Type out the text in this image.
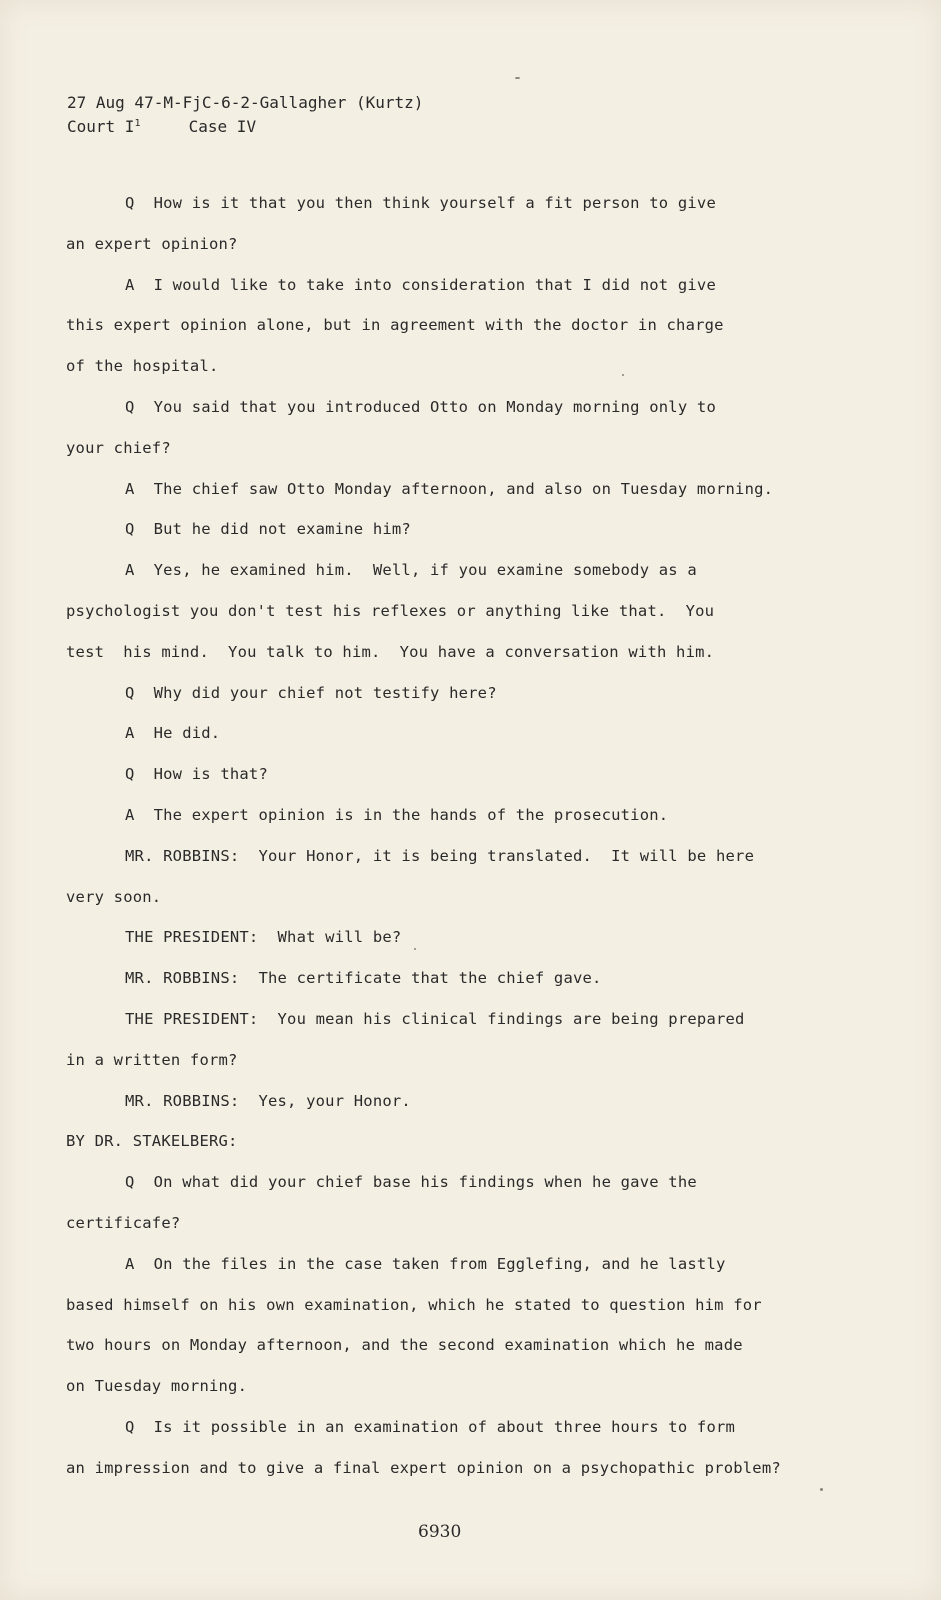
27 Aug 47-M-FjC-6-2-Gallagher (Kurtz)
Court $I^1$	Case IV
Q  How is it that you then think yourself a fit person to give
an expert opinion?
A  I would like to take into consideration that I did not give
this expert opinion alone, but in agreement with the doctor in charge
of the hospital.
Q  You said that you introduced Otto on Monday morning only to
your chief?
A  The chief saw Otto Monday afternoon, and also on Tuesday morning.
Q  But he did not examine him?
A  Yes, he examined him.  Well, if you examine somebody as a
psychologist you don't test his reflexes or anything like that.  You
test  his mind.  You talk to him.  You have a conversation with him.
Q  Why did your chief not testify here?
A  He did.
Q  How is that?
A  The expert opinion is in the hands of the prosecution.
MR. ROBBINS:  Your Honor, it is being translated.  It will be here
very soon.
THE PRESIDENT:  What will be?
MR. ROBBINS:  The certificate that the chief gave.
THE PRESIDENT:  You mean his clinical findings are being prepared
in a written form?
MR. ROBBINS:  Yes, your Honor.
BY DR. STAKELBERG:
Q  On what did your chief base his findings when he gave the
certificafe?
A  On the files in the case taken from Egglefing, and he lastly
based himself on his own examination, which he stated to question him for
two hours on Monday afternoon, and the second examination which he made
on Tuesday morning.
Q  Is it possible in an examination of about three hours to form
an impression and to give a final expert opinion on a psychopathic problem?
6930
